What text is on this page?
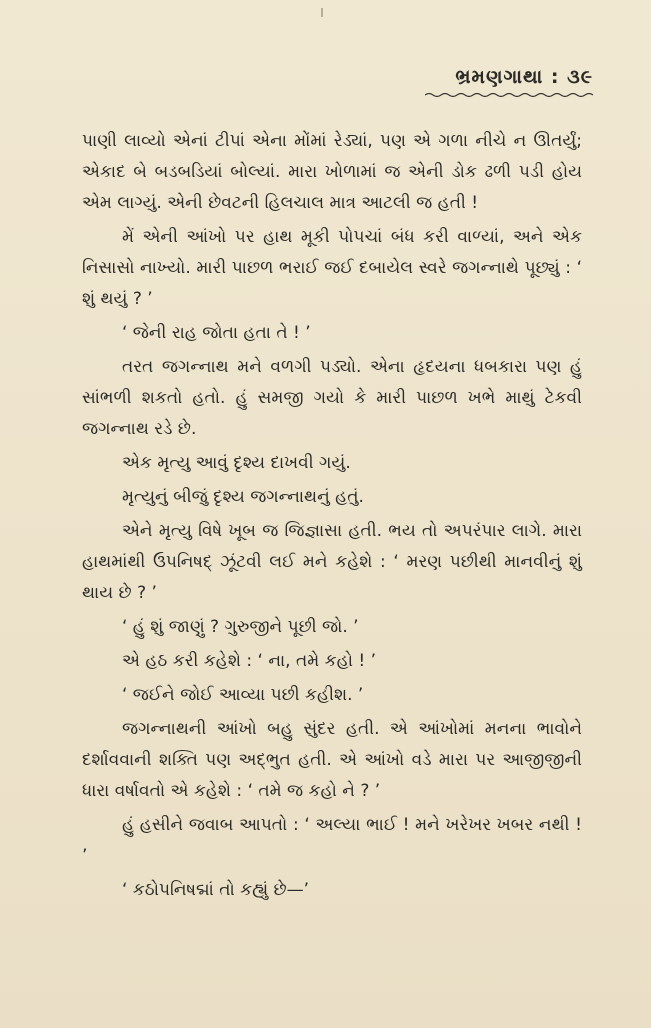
ભ્રમણગાથા : ૩૯

પાણી લાવ્યો એનાં ટીપાં એના મોંમાં રેડ્યાં, પણ એ ગળા નીચે ન ઊતર્યું; એકાદ બે બડબડિયાં બોલ્યાં. મારા ખોળામાં જ એની ડોક ઢળી પડી હોય એમ લાગ્યું. એની છેવટની હિલચાલ માત્ર આટલી જ હતી !

મેં એની આંખો પર હાથ મૂકી પોપચાં બંધ કરી વાળ્યાં, અને એક નિસાસો નાખ્યો. મારી પાછળ ભરાઈ જઈ દબાયેલ સ્વરે જગન્નાથે પૂછ્યું : ‘ શું થયું ? ’

‘ જેની રાહ જોતા હતા તે ! ’

તરત જગન્નાથ મને વળગી પડ્યો. એના હૃદયના ધબકારા પણ હું સાંભળી શકતો હતો. હું સમજી ગયો કે મારી પાછળ ખભે માથું ટેકવી જગન્નાથ રડે છે.

એક મૃત્યુ આવું દૃશ્ય દાખવી ગયું.

મૃત્યુનું બીજું દૃશ્ય જગન્નાથનું હતું.

એને મૃત્યુ વિષે ખૂબ જ જિજ્ઞાસા હતી. ભય તો અપરંપાર લાગે. મારા હાથમાંથી ઉપનિષદ્ ઝૂંટવી લઈ મને કહેશે : ‘ મરણ પછીથી માનવીનું શું થાય છે ? ’

‘ હું શું જાણું ? ગુરુજીને પૂછી જો. ’

એ હઠ કરી કહેશે : ‘ ના, તમે કહો ! ’

‘ જઈને જોઈ આવ્યા પછી કહીશ. ’

જગન્નાથની આંખો બહુ સુંદર હતી. એ આંખોમાં મનના ભાવોને દર્શાવવાની શક્તિ પણ અદ્ભુત હતી. એ આંખો વડે મારા પર આજીજીની ધારા વર્ષાવતો એ કહેશે : ‘ તમે જ કહો ને ? ’

હું હસીને જવાબ આપતો : ‘ અલ્યા ભાઈ ! મને ખરેખર ખબર નથી ! ’

‘ કઠોપનિષદ્માં તો કહ્યું છે—’
